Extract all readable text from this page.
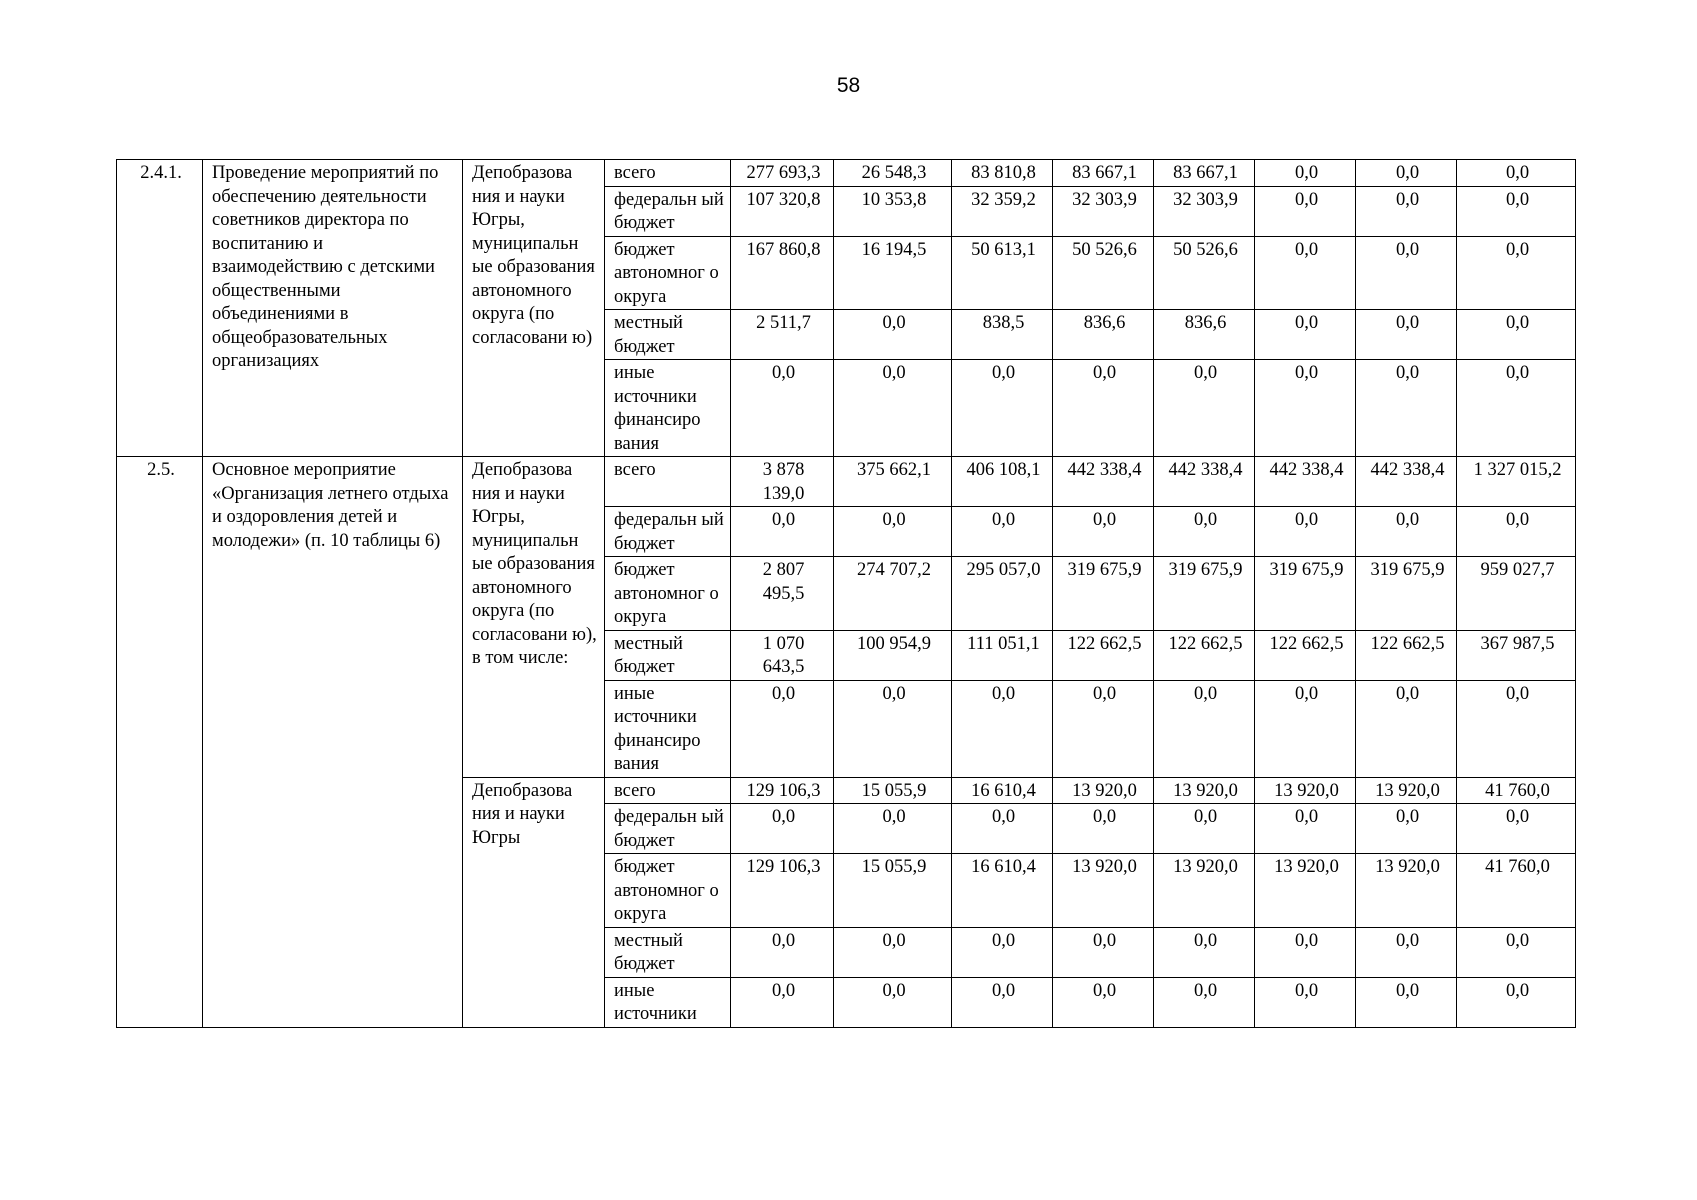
58
2.4.1.	Проведение мероприятий по обеспечению деятельности советников директора по воспитанию и взаимодействию с детскими общественными объединениями в общеобразовательных организациях	Депобразова ния и науки Югры, муниципальн ые образования автономного округа (по согласовани ю)	всего	277 693,3	26 548,3	83 810,8	83 667,1	83 667,1	0,0	0,0	0,0
			федеральн ый бюджет	107 320,8	10 353,8	32 359,2	32 303,9	32 303,9	0,0	0,0	0,0
			бюджет автономног о округа	167 860,8	16 194,5	50 613,1	50 526,6	50 526,6	0,0	0,0	0,0
			местный бюджет	2 511,7	0,0	838,5	836,6	836,6	0,0	0,0	0,0
			иные источники финансиро вания	0,0	0,0	0,0	0,0	0,0	0,0	0,0	0,0
2.5.	Основное мероприятие «Организация летнего отдыха и оздоровления детей и молодежи» (п. 10 таблицы 6)	Депобразова ния и науки Югры, муниципальн ые образования автономного округа (по согласовани ю), в том числе:	всего	3 878 139,0	375 662,1	406 108,1	442 338,4	442 338,4	442 338,4	442 338,4	1 327 015,2
			федеральн ый бюджет	0,0	0,0	0,0	0,0	0,0	0,0	0,0	0,0
			бюджет автономног о округа	2 807 495,5	274 707,2	295 057,0	319 675,9	319 675,9	319 675,9	319 675,9	959 027,7
			местный бюджет	1 070 643,5	100 954,9	111 051,1	122 662,5	122 662,5	122 662,5	122 662,5	367 987,5
			иные источники финансиро вания	0,0	0,0	0,0	0,0	0,0	0,0	0,0	0,0
		Депобразова ния и науки Югры	всего	129 106,3	15 055,9	16 610,4	13 920,0	13 920,0	13 920,0	13 920,0	41 760,0
			федеральн ый бюджет	0,0	0,0	0,0	0,0	0,0	0,0	0,0	0,0
			бюджет автономног о округа	129 106,3	15 055,9	16 610,4	13 920,0	13 920,0	13 920,0	13 920,0	41 760,0
			местный бюджет	0,0	0,0	0,0	0,0	0,0	0,0	0,0	0,0
			иные источники	0,0	0,0	0,0	0,0	0,0	0,0	0,0	0,0
